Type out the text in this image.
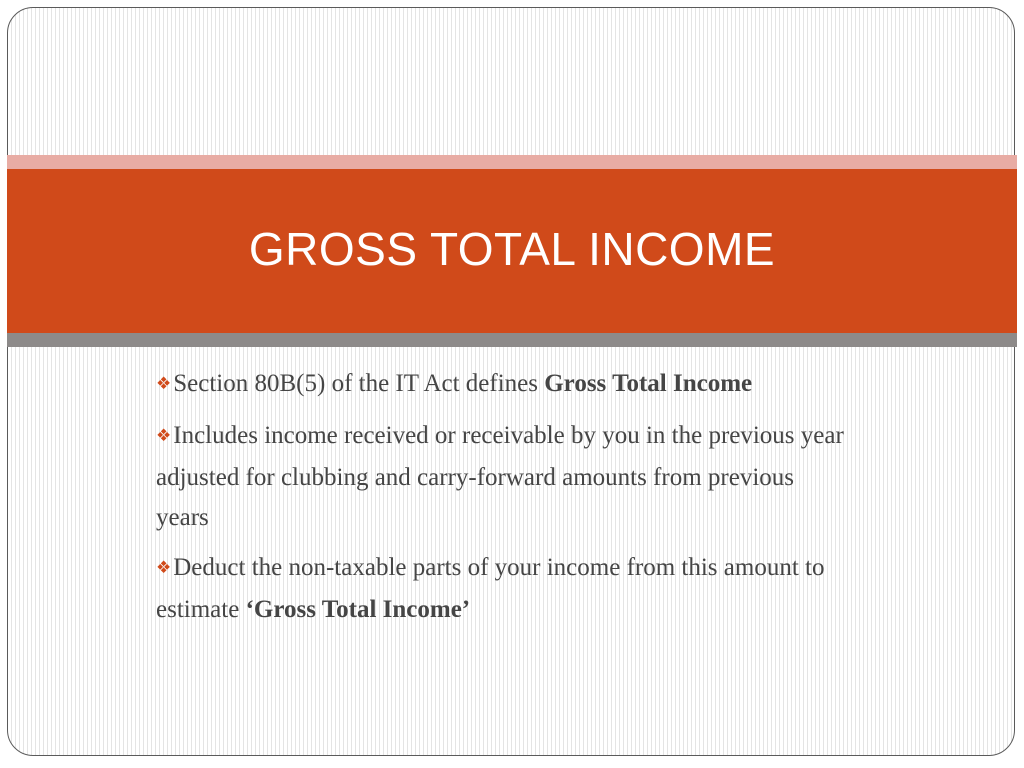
GROSS TOTAL INCOME
❖Section 80B(5) of the IT Act defines Gross Total Income
❖Includes income received or receivable by you in the previous year adjusted for clubbing and carry-forward amounts from previous years
❖Deduct the non-taxable parts of your income from this amount to estimate ‘Gross Total Income’
